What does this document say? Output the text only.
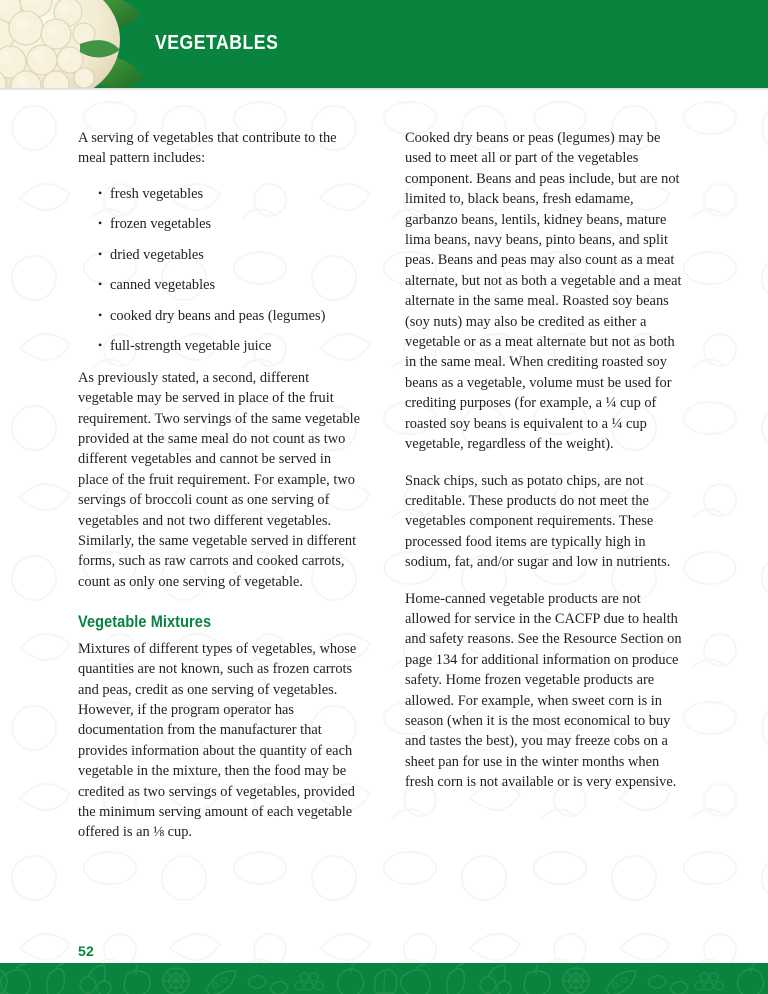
VEGETABLES

A serving of vegetables that contribute to the meal pattern includes:

• fresh vegetables
• frozen vegetables
• dried vegetables
• canned vegetables
• cooked dry beans and peas (legumes)
• full-strength vegetable juice

As previously stated, a second, different vegetable may be served in place of the fruit requirement. Two servings of the same vegetable provided at the same meal do not count as two different vegetables and cannot be served in place of the fruit requirement. For example, two servings of broccoli count as one serving of vegetables and not two different vegetables. Similarly, the same vegetable served in different forms, such as raw carrots and cooked carrots, count as only one serving of vegetable.

Vegetable Mixtures

Mixtures of different types of vegetables, whose quantities are not known, such as frozen carrots and peas, credit as one serving of vegetables. However, if the program operator has documentation from the manufacturer that provides information about the quantity of each vegetable in the mixture, then the food may be credited as two servings of vegetables, provided the minimum serving amount of each vegetable offered is an ⅛ cup.

Cooked dry beans or peas (legumes) may be used to meet all or part of the vegetables component. Beans and peas include, but are not limited to, black beans, fresh edamame, garbanzo beans, lentils, kidney beans, mature lima beans, navy beans, pinto beans, and split peas. Beans and peas may also count as a meat alternate, but not as both a vegetable and a meat alternate in the same meal. Roasted soy beans (soy nuts) may also be credited as either a vegetable or as a meat alternate but not as both in the same meal. When crediting roasted soy beans as a vegetable, volume must be used for crediting purposes (for example, a ¼ cup of roasted soy beans is equivalent to a ¼ cup vegetable, regardless of the weight).

Snack chips, such as potato chips, are not creditable. These products do not meet the vegetables component requirements. These processed food items are typically high in sodium, fat, and/or sugar and low in nutrients.

Home-canned vegetable products are not allowed for service in the CACFP due to health and safety reasons. See the Resource Section on page 134 for additional information on produce safety. Home frozen vegetable products are allowed. For example, when sweet corn is in season (when it is the most economical to buy and tastes the best), you may freeze cobs on a sheet pan for use in the winter months when fresh corn is not available or is very expensive.

52
